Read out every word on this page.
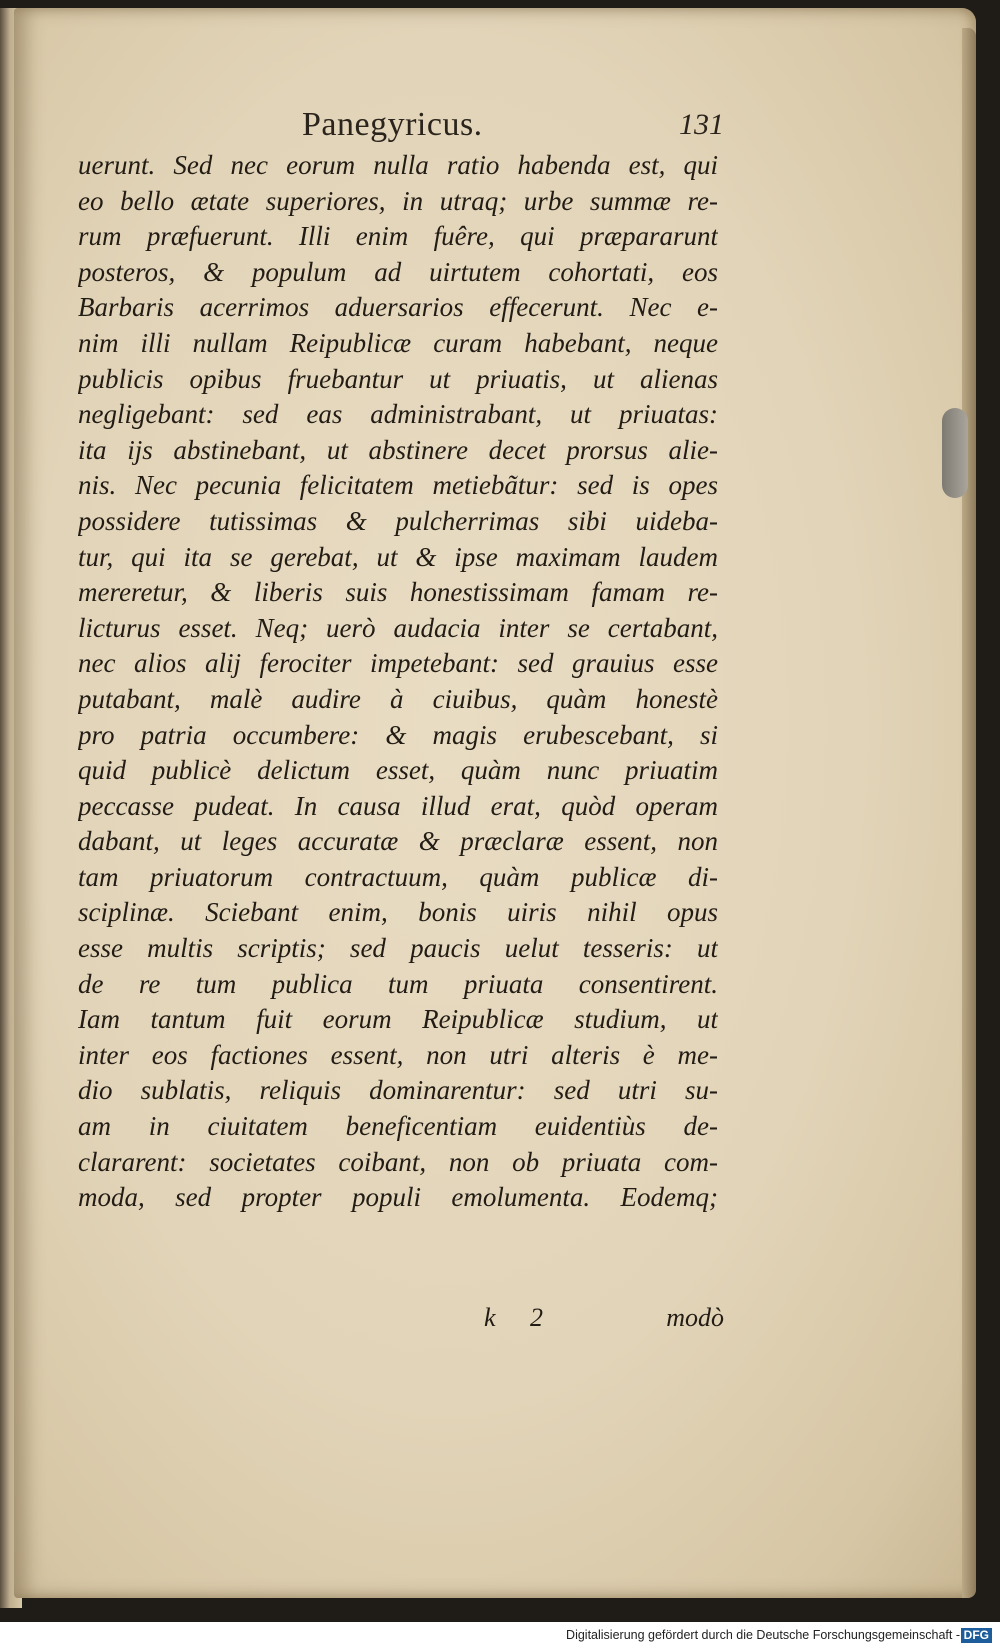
Panegyricus.	131
uerunt. Sed nec eorum nulla ratio habenda est, qui
eo bello ætate superiores, in utraq; urbe summæ re-
rum præfuerunt. Illi enim fuêre, qui præpararunt
posteros, & populum ad uirtutem cohortati, eos
Barbaris acerrimos aduersarios effecerunt. Nec e-
nim illi nullam Reipublicæ curam habebant, neque
publicis opibus fruebantur ut priuatis, ut alienas
negligebant: sed eas administrabant, ut priuatas:
ita ijs abstinebant, ut abstinere decet prorsus alie-
nis. Nec pecunia felicitatem metiebãtur: sed is opes
possidere tutissimas & pulcherrimas sibi uideba-
tur, qui ita se gerebat, ut & ipse maximam laudem
mereretur, & liberis suis honestissimam famam re-
licturus esset. Neq; uerò audacia inter se certabant,
nec alios alij ferociter impetebant: sed grauius esse
putabant, malè audire à ciuibus, quàm honestè
pro patria occumbere: & magis erubescebant, si
quid publicè delictum esset, quàm nunc priuatim
peccasse pudeat. In causa illud erat, quòd operam
dabant, ut leges accuratæ & præclaræ essent, non
tam priuatorum contractuum, quàm publicæ di-
sciplinæ. Sciebant enim, bonis uiris nihil opus
esse multis scriptis; sed paucis uelut tesseris: ut
de re tum publica tum priuata consentirent.
Iam tantum fuit eorum Reipublicæ studium, ut
inter eos factiones essent, non utri alteris è me-
dio sublatis, reliquis dominarentur: sed utri su-
am in ciuitatem beneficentiam euidentiùs de-
clararent: societates coibant, non ob priuata com-
moda, sed propter populi emolumenta. Eodemq;
k 2	modò
Digitalisierung gefördert durch die Deutsche Forschungsgemeinschaft - DFG
